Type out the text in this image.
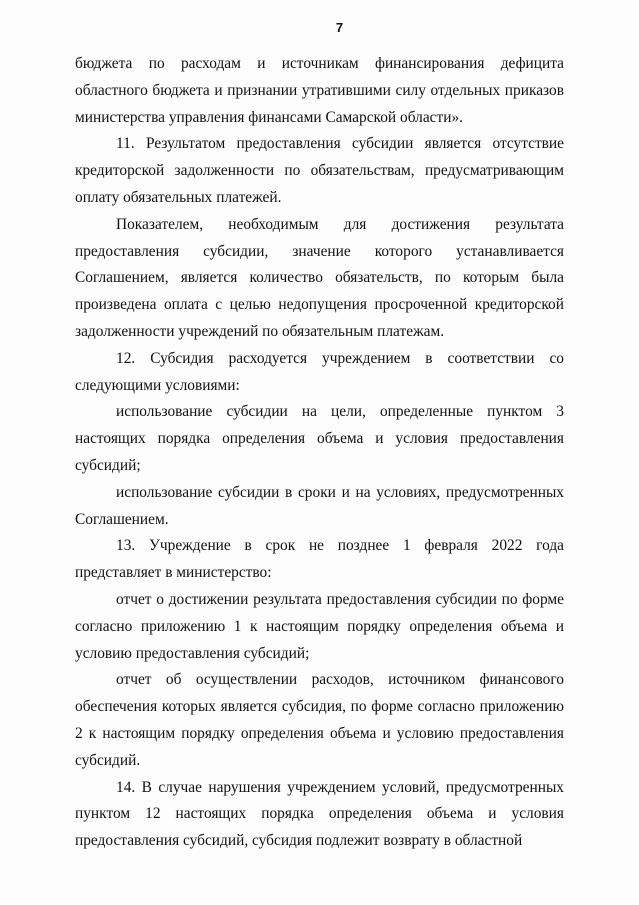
7

бюджета по расходам и источникам финансирования дефицита областного бюджета и признании утратившими силу отдельных приказов министерства управления финансами Самарской области».

11. Результатом предоставления субсидии является отсутствие кредиторской задолженности по обязательствам, предусматривающим оплату обязательных платежей.

Показателем, необходимым для достижения результата предоставления субсидии, значение которого устанавливается Соглашением, является количество обязательств, по которым была произведена оплата с целью недопущения просроченной кредиторской задолженности учреждений по обязательным платежам.

12. Субсидия расходуется учреждением в соответствии со следующими условиями:

использование субсидии на цели, определенные пунктом 3 настоящих порядка определения объема и условия предоставления субсидий;

использование субсидии в сроки и на условиях, предусмотренных Соглашением.

13. Учреждение в срок не позднее 1 февраля 2022 года представляет в министерство:

отчет о достижении результата предоставления субсидии по форме согласно приложению 1 к настоящим порядку определения объема и условию предоставления субсидий;

отчет об осуществлении расходов, источником финансового обеспечения которых является субсидия, по форме согласно приложению 2 к настоящим порядку определения объема и условию предоставления субсидий.

14. В случае нарушения учреждением условий, предусмотренных пунктом 12 настоящих порядка определения объема и условия предоставления субсидий, субсидия подлежит возврату в областной
